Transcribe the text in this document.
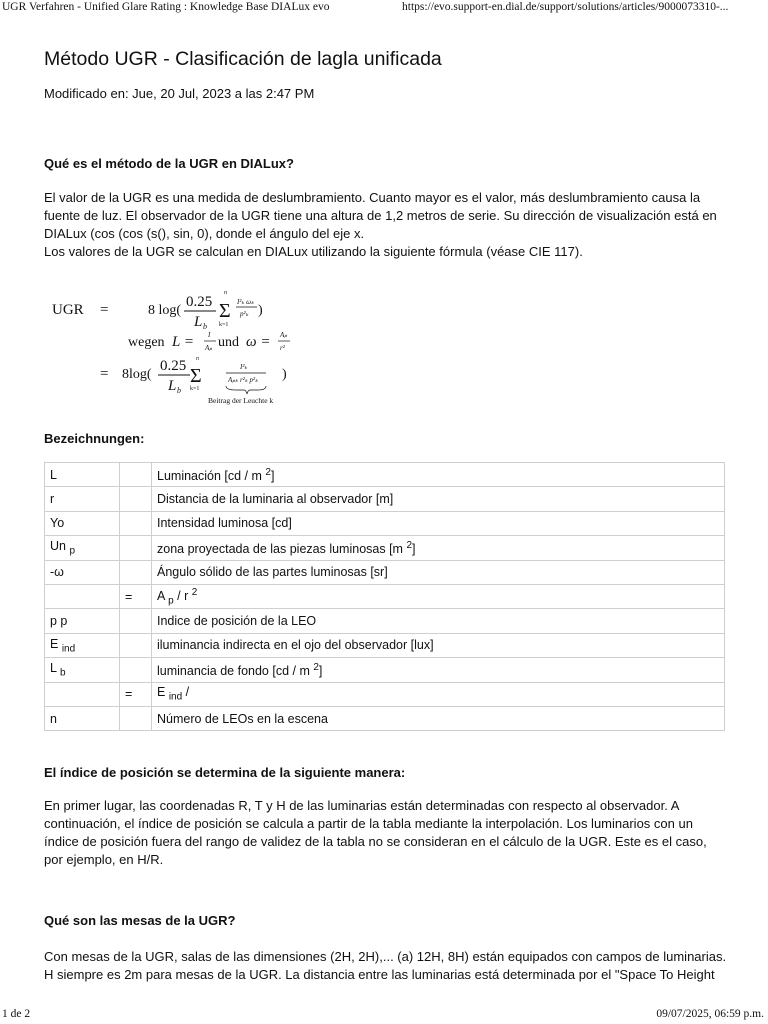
UGR Verfahren - Unified Glare Rating : Knowledge Base DIALux evo	https://evo.support-en.dial.de/support/solutions/articles/9000073310-...
Método UGR - Clasificación de lagla unificada
Modificado en: Jue, 20 Jul, 2023 a las 2:47 PM
Qué es el método de la UGR en DIALux?

El valor de la UGR es una medida de deslumbramiento. Cuanto mayor es el valor, más deslumbramiento causa la fuente de luz. El observador de la UGR tiene una altura de 1,2 metros de serie. Su dirección de visualización está en DIALux (cos (cos (s(), sin, 0), donde el ángulo del eje x.

Los valores de la UGR se calculan en DIALux utilizando la siguiente fórmula (véase CIE 117).

UGR =	8 log(
0.25
L b
n
Σ
k=1
I²ₖ ωₖ
p²ₖ )
wegen L = I
Aₚ und ω = Aₚ
r²
= 8log(
0.25
L b
n
Σ
k=1
I²ₖ
Aₚₖ r²ₖ p²ₖ
Beitrag der Leuchte k
)
Bezeichnungen:
L		Luminación [cd / m $^2$]
r		Distancia de la luminaria al observador [m]
Yo		Intensidad luminosa [cd]
Un $_p$		zona proyectada de las piezas luminosas [m $^2$]
-ω		Ángulo sólido de las partes luminosas [sr]
	=	A $_p$ / r $^2$
p p		Indice de posición de la LEO
E $_{ind}$		iluminancia indirecta en el ojo del observador [lux]
L $_b$		luminancia de fondo [cd / m $^2$]
	=	E $_{ind}$ /
n		Número de LEOs en la escena
El índice de posición se determina de la siguiente manera:
En primer lugar, las coordenadas R, T y H de las luminarias están determinadas con respecto al observador. A continuación, el índice de posición se calcula a partir de la tabla mediante la interpolación. Los luminarios con un índice de posición fuera del rango de validez de la tabla no se consideran en el cálculo de la UGR. Este es el caso, por ejemplo, en H/R.
Qué son las mesas de la UGR?
Con mesas de la UGR, salas de las dimensiones (2H, 2H),... (a) 12H, 8H) están equipados con campos de luminarias. H siempre es 2m para mesas de la UGR. La distancia entre las luminarias está determinada por el "Space To Height
1 de 2	09/07/2025, 06:59 p.m.
